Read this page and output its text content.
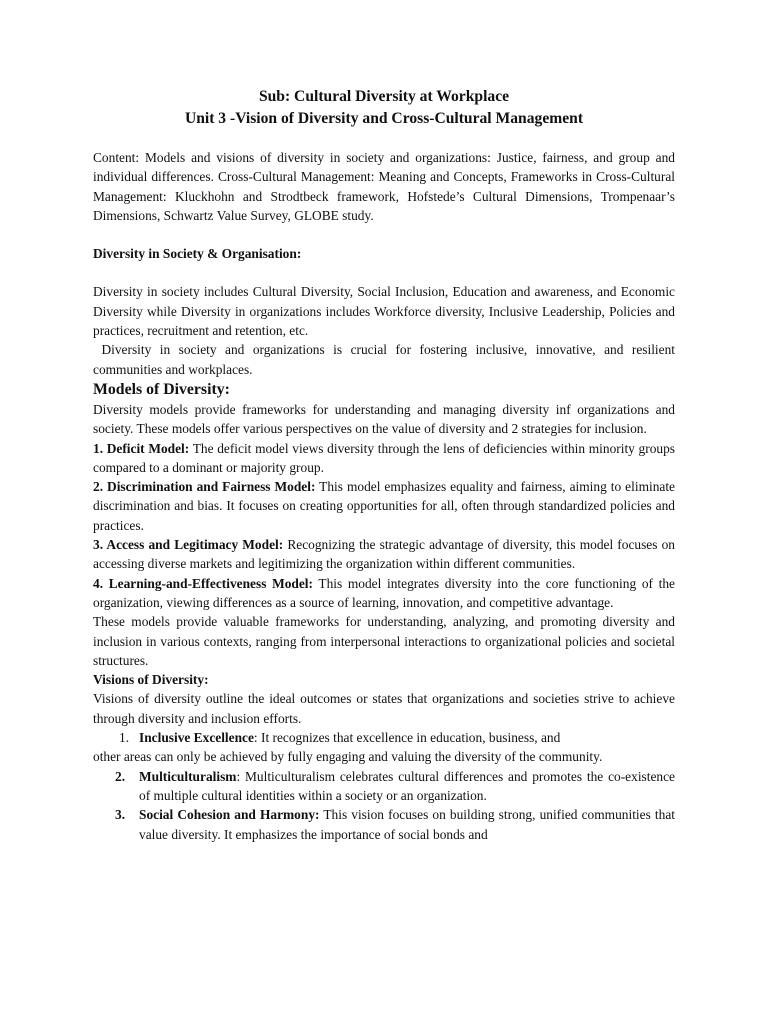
Sub: Cultural Diversity at Workplace

Unit 3 -Vision of Diversity and Cross-Cultural Management

Content: Models and visions of diversity in society and organizations: Justice, fairness, and group and individual differences. Cross-Cultural Management: Meaning and Concepts, Frameworks in Cross-Cultural Management: Kluckhohn and Strodtbeck framework, Hofstede’s Cultural Dimensions, Trompenaar’s Dimensions, Schwartz Value Survey, GLOBE study.

Diversity in Society & Organisation:

Diversity in society includes Cultural Diversity, Social Inclusion, Education and awareness, and Economic Diversity while Diversity in organizations includes Workforce diversity, Inclusive Leadership, Policies and practices, recruitment and retention, etc.

Diversity in society and organizations is crucial for fostering inclusive, innovative, and resilient communities and workplaces.

Models of Diversity:

Diversity models provide frameworks for understanding and managing diversity inf organizations and society. These models offer various perspectives on the value of diversity and 2 strategies for inclusion.

1. Deficit Model: The deficit model views diversity through the lens of deficiencies within minority groups compared to a dominant or majority group.

2. Discrimination and Fairness Model: This model emphasizes equality and fairness, aiming to eliminate discrimination and bias. It focuses on creating opportunities for all, often through standardized policies and practices.

3. Access and Legitimacy Model: Recognizing the strategic advantage of diversity, this model focuses on accessing diverse markets and legitimizing the organization within different communities.

4. Learning-and-Effectiveness Model: This model integrates diversity into the core functioning of the organization, viewing differences as a source of learning, innovation, and competitive advantage.

These models provide valuable frameworks for understanding, analyzing, and promoting diversity and inclusion in various contexts, ranging from interpersonal interactions to organizational policies and societal structures.

Visions of Diversity:

Visions of diversity outline the ideal outcomes or states that organizations and societies strive to achieve through diversity and inclusion efforts.

1. Inclusive Excellence: It recognizes that excellence in education, business, and
other areas can only be achieved by fully engaging and valuing the diversity of the community.
2. Multiculturalism: Multiculturalism celebrates cultural differences and promotes the co-existence of multiple cultural identities within a society or an organization.
3. Social Cohesion and Harmony: This vision focuses on building strong, unified communities that value diversity. It emphasizes the importance of social bonds and
